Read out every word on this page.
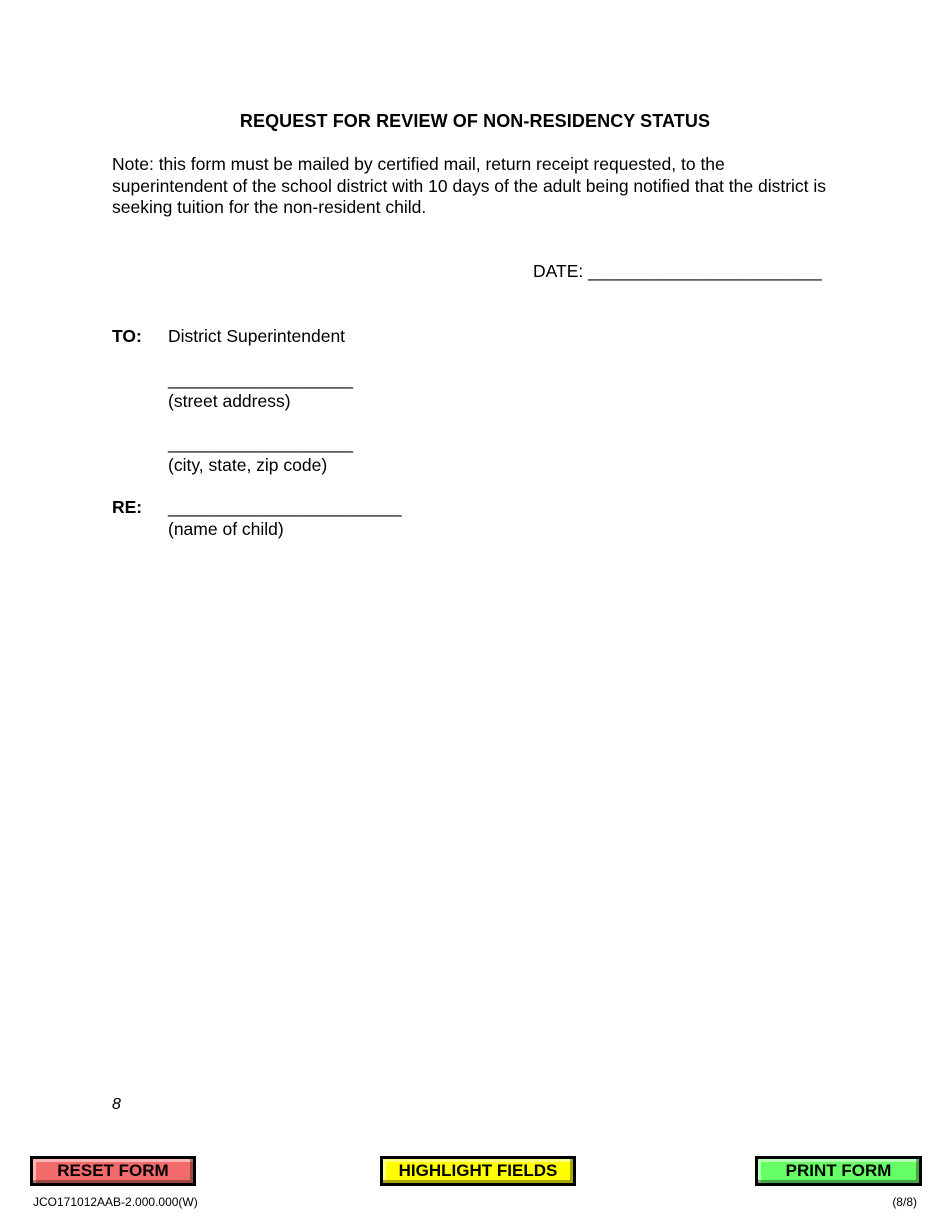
REQUEST FOR REVIEW OF NON-RESIDENCY STATUS
Note: this form must be mailed by certified mail, return receipt requested, to the superintendent of the school district with 10 days of the adult being notified that the district is seeking tuition for the non-resident child.
DATE: ________________________
TO: District Superintendent
___________________
(street address)
___________________
(city, state, zip code)
RE: ________________________
(name of child)
8
RESET FORM	HIGHLIGHT FIELDS	PRINT FORM
JCO171012AAB-2.000.000(W)	(8/8)
